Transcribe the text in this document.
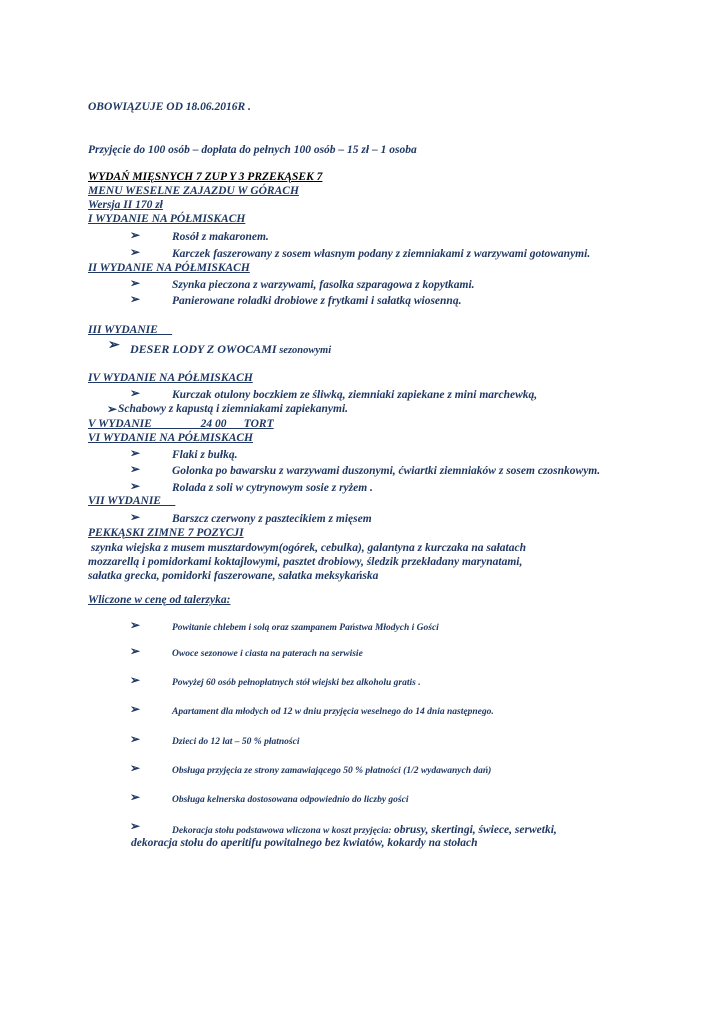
OBOWIĄZUJE OD 18.06.2016R .
Przyjęcie do 100 osób – dopłata do pełnych 100 osób – 15 zł – 1 osoba
WYDAŃ MIĘSNYCH 7 ZUP Y 3 PRZEKĄSEK 7
MENU WESELNE ZAJAZDU W GÓRACH
Wersja II 170 zł
I WYDANIE NA PÓŁMISKACH
➢	Rosół z makaronem.
➢	Karczek faszerowany z sosem własnym podany z ziemniakami z warzywami gotowanymi.
II WYDANIE NA PÓŁMISKACH
➢	Szynka pieczona z warzywami, fasolka szparagowa z kopytkami.
➢	Panierowane roladki drobiowe z frytkami i sałatką wiosenną.
III WYDANIE
➢ DESER LODY Z OWOCAMI sezonowymi
IV WYDANIE NA PÓŁMISKACH
➢	Kurczak otulony boczkiem ze śliwką, ziemniaki zapiekane z mini marchewką,
➢ Schabowy z kapustą i ziemniakami zapiekanymi.
V WYDANIE                 24 00      TORT
VI WYDANIE NA PÓŁMISKACH
➢	Flaki z bułką.
➢	Golonka po bawarsku z warzywami duszonymi, ćwiartki ziemniaków z sosem czosnkowym.
➢	Rolada z soli w cytrynowym sosie z ryżem .
VII WYDANIE
➢	Barszcz czerwony z pasztecikiem z mięsem
PEKKĄSKI ZIMNE 7 POZYCJI
szynka wiejska z musem musztardowym(ogórek, cebulka), galantyna z kurczaka na sałatach
mozzarellą i pomidorkami koktajlowymi, pasztet drobiowy, śledzik przekładany marynatami,
sałatka grecka, pomidorki faszerowane, sałatka meksykańska
Wliczone w cenę od talerzyka:
➢	Powitanie chlebem i solą oraz szampanem Państwa Młodych i Gości
➢	Owoce sezonowe i ciasta na paterach na serwisie
➢	Powyżej 60 osób pełnopłatnych stół wiejski bez alkoholu gratis .
➢	Apartament dla młodych od 12 w dniu przyjęcia weselnego do 14 dnia następnego.
➢	Dzieci do 12 lat – 50 % płatności
➢	Obsługa przyjęcia ze strony zamawiającego 50 % płatności (1/2 wydawanych dań)
➢	Obsługa kelnerska dostosowana odpowiednio do liczby gości
➢	Dekoracja stołu podstawowa wliczona w koszt przyjęcia: obrusy, skertingi, świece, serwetki,
dekoracja stołu do aperitifu powitalnego bez kwiatów, kokardy na stołach
